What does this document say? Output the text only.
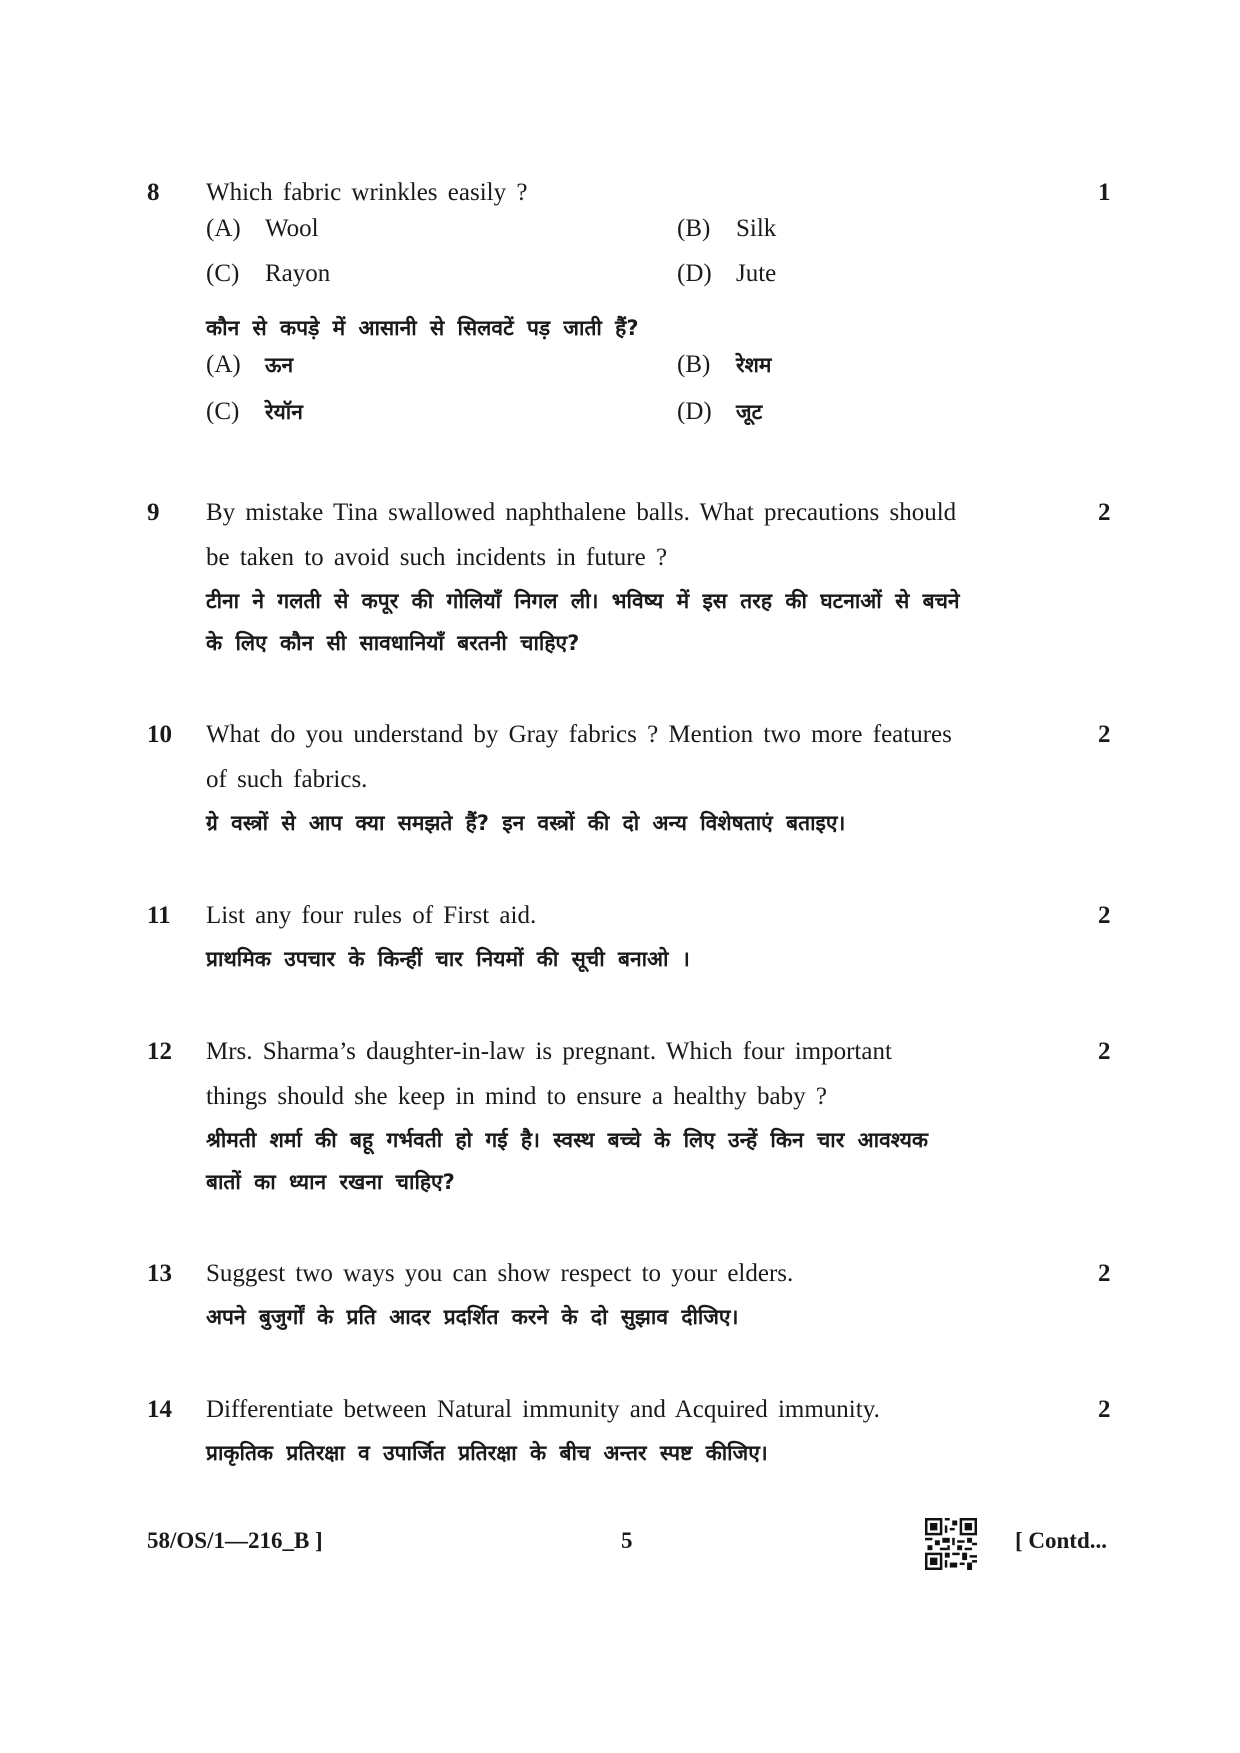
8	1
Which fabric wrinkles easily ?
(A) Wool	(B) Silk
(C) Rayon	(D) Jute
कौन से कपड़े में आसानी से सिलवटें पड़ जाती हैं?
(A) ऊन	(B) रेशम
(C) रेयॉन	(D) जूट
9	2
By mistake Tina swallowed naphthalene balls. What precautions should
be taken to avoid such incidents in future ?
टीना ने गलती से कपूर की गोलियाँ निगल ली। भविष्य में इस तरह की घटनाओं से बचने
के लिए कौन सी सावधानियाँ बरतनी चाहिए?
10	2
What do you understand by Gray fabrics ? Mention two more features
of such fabrics.
ग्रे वस्त्रों से आप क्या समझते हैं? इन वस्त्रों की दो अन्य विशेषताएं बताइए।
11	2
List any four rules of First aid.
प्राथमिक उपचार के किन्हीं चार नियमों की सूची बनाओ ।
12	2
Mrs. Sharma’s daughter-in-law is pregnant. Which four important
things should she keep in mind to ensure a healthy baby ?
श्रीमती शर्मा की बहू गर्भवती हो गई है। स्वस्थ बच्चे के लिए उन्हें किन चार आवश्यक
बातों का ध्यान रखना चाहिए?
13	2
Suggest two ways you can show respect to your elders.
अपने बुजुर्गों के प्रति आदर प्रदर्शित करने के दो सुझाव दीजिए।
14	2
Differentiate between Natural immunity and Acquired immunity.
प्राकृतिक प्रतिरक्षा व उपार्जित प्रतिरक्षा के बीच अन्तर स्पष्ट कीजिए।
58/OS/1—216_B ]	5	[ Contd...
